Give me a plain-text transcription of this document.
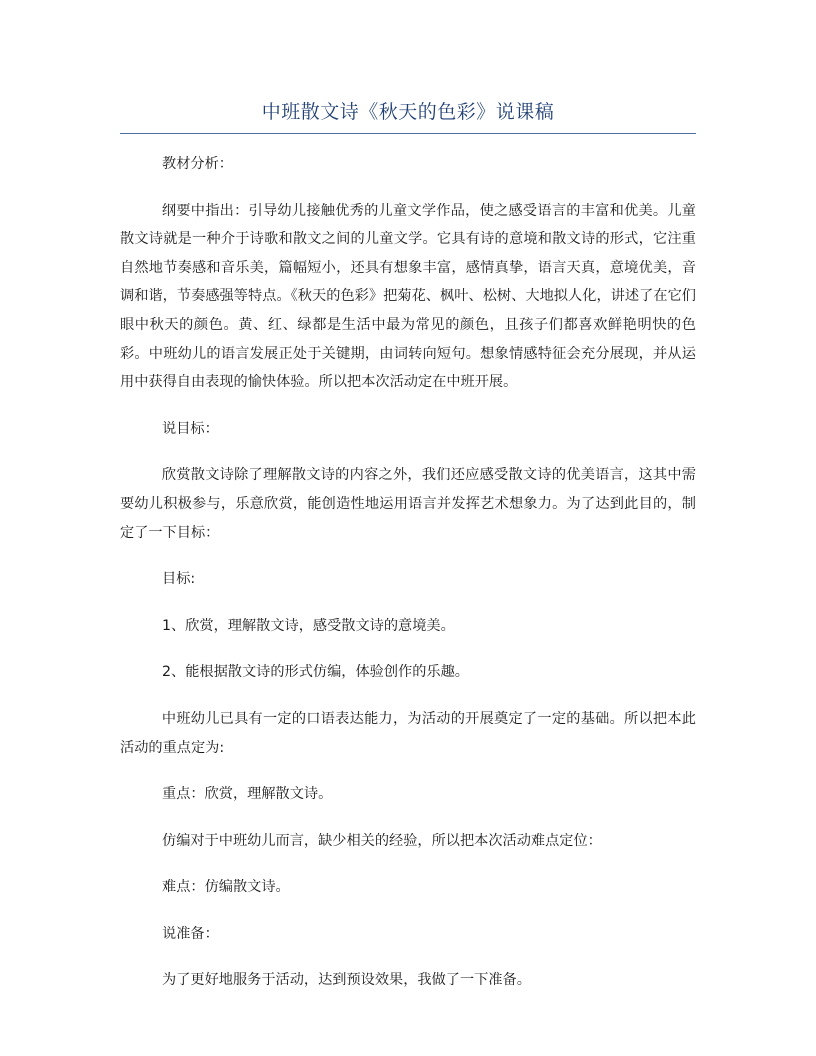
中班散文诗《秋天的色彩》说课稿

教材分析：

纲要中指出：引导幼儿接触优秀的儿童文学作品，使之感受语言的丰富和优美。儿童散文诗就是一种介于诗歌和散文之间的儿童文学。它具有诗的意境和散文诗的形式，它注重自然地节奏感和音乐美，篇幅短小，还具有想象丰富，感情真挚，语言天真，意境优美，音调和谐，节奏感强等特点。《秋天的色彩》把菊花、枫叶、松树、大地拟人化，讲述了在它们眼中秋天的颜色。黄、红、绿都是生活中最为常见的颜色，且孩子们都喜欢鲜艳明快的色彩。中班幼儿的语言发展正处于关键期，由词转向短句。想象情感特征会充分展现，并从运用中获得自由表现的愉快体验。所以把本次活动定在中班开展。

说目标：

欣赏散文诗除了理解散文诗的内容之外，我们还应感受散文诗的优美语言，这其中需要幼儿积极参与，乐意欣赏，能创造性地运用语言并发挥艺术想象力。为了达到此目的，制定了一下目标：

目标:

1、欣赏，理解散文诗，感受散文诗的意境美。

2、能根据散文诗的形式仿编，体验创作的乐趣。

中班幼儿已具有一定的口语表达能力，为活动的开展奠定了一定的基础。所以把本此活动的重点定为:

重点：欣赏，理解散文诗。

仿编对于中班幼儿而言，缺少相关的经验，所以把本次活动难点定位：

难点：仿编散文诗。

说准备：

为了更好地服务于活动，达到预设效果，我做了一下准备。
